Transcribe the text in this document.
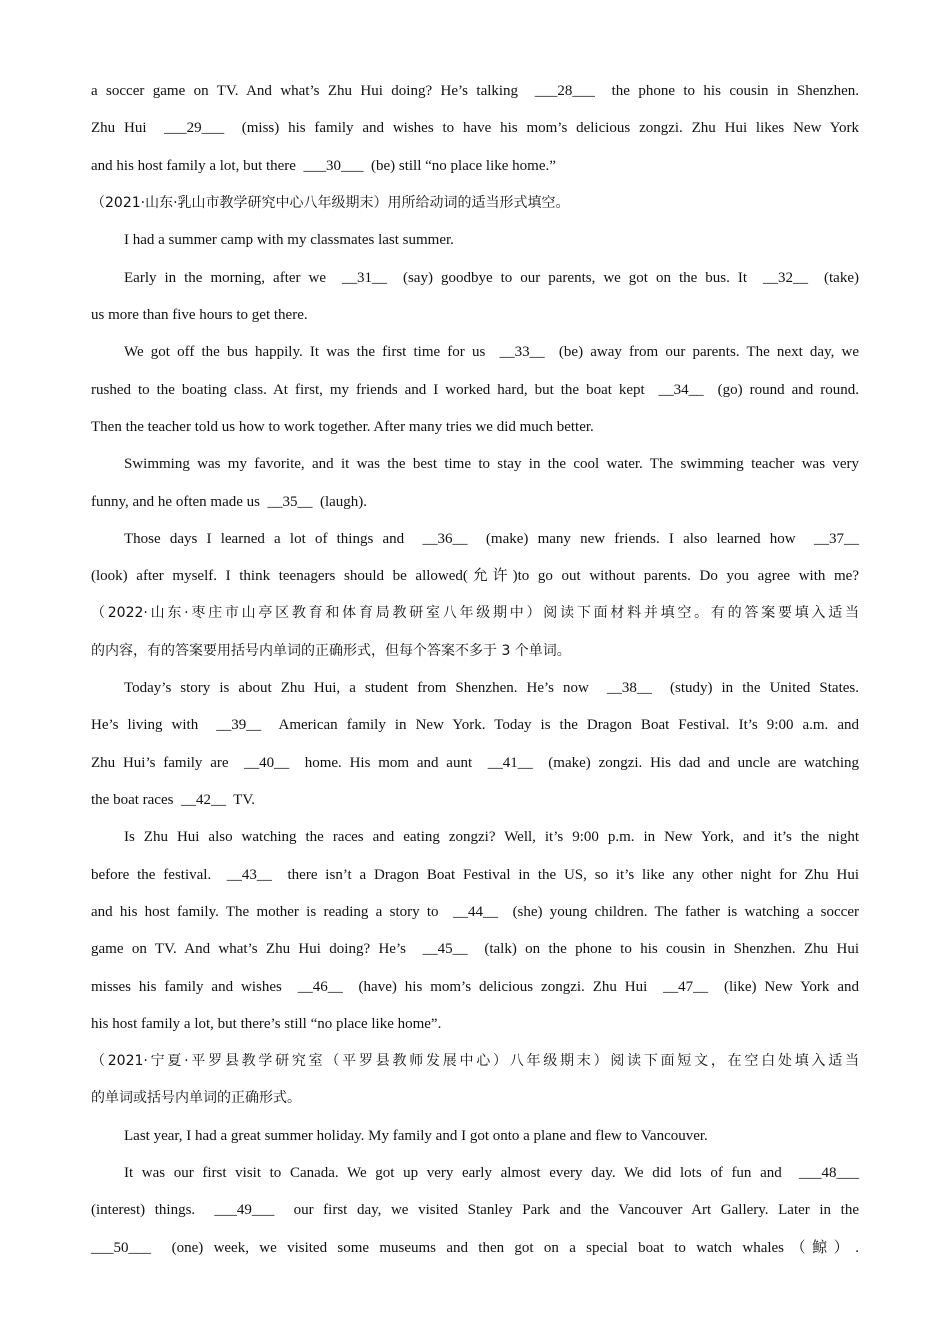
a soccer game on TV. And what’s Zhu Hui doing? He’s talking  ___28___  the phone to his cousin in Shenzhen.
Zhu Hui  ___29___  (miss) his family and wishes to have his mom’s delicious zongzi. Zhu Hui likes New York
and his host family a lot, but there  ___30___  (be) still “no place like home.”
（2021·山东·乳山市教学研究中心八年级期末）用所给动词的适当形式填空。
I had a summer camp with my classmates last summer.
Early in the morning, after we  __31__  (say) goodbye to our parents, we got on the bus. It  __32__  (take)
us more than five hours to get there.
We got off the bus happily. It was the first time for us  __33__  (be) away from our parents. The next day, we
rushed to the boating class. At first, my friends and I worked hard, but the boat kept  __34__  (go) round and round.
Then the teacher told us how to work together. After many tries we did much better.
Swimming was my favorite, and it was the best time to stay in the cool water. The swimming teacher was very
funny, and he often made us  __35__  (laugh).
Those days I learned a lot of things and  __36__  (make) many new friends. I also learned how  __37__
(look) after myself. I think teenagers should be allowed(允许)to go out without parents. Do you agree with me?
（2022·山东·枣庄市山亭区教育和体育局教研室八年级期中）阅读下面材料并填空。有的答案要填入适当
的内容，有的答案要用括号内单词的正确形式，但每个答案不多于 3 个单词。
Today’s story is about Zhu Hui, a student from Shenzhen. He’s now  __38__  (study) in the United States.
He’s living with  __39__  American family in New York. Today is the Dragon Boat Festival. It’s 9:00 a.m. and
Zhu Hui’s family are  __40__  home. His mom and aunt  __41__  (make) zongzi. His dad and uncle are watching
the boat races  __42__  TV.
Is Zhu Hui also watching the races and eating zongzi? Well, it’s 9:00 p.m. in New York, and it’s the night
before the festival.  __43__  there isn’t a Dragon Boat Festival in the US, so it’s like any other night for Zhu Hui
and his host family. The mother is reading a story to  __44__  (she) young children. The father is watching a soccer
game on TV. And what’s Zhu Hui doing? He’s  __45__  (talk) on the phone to his cousin in Shenzhen. Zhu Hui
misses his family and wishes  __46__  (have) his mom’s delicious zongzi. Zhu Hui  __47__  (like) New York and
his host family a lot, but there’s still “no place like home”.
（2021·宁夏·平罗县教学研究室（平罗县教师发展中心）八年级期末）阅读下面短文，在空白处填入适当
的单词或括号内单词的正确形式。
Last year, I had a great summer holiday. My family and I got onto a plane and flew to Vancouver.
It was our first visit to Canada. We got up very early almost every day. We did lots of fun and  ___48___
(interest) things.  ___49___  our first day, we visited Stanley Park and the Vancouver Art Gallery. Later in the
___50___  (one) week, we visited some museums and then got on a special boat to watch whales（鲸）.
